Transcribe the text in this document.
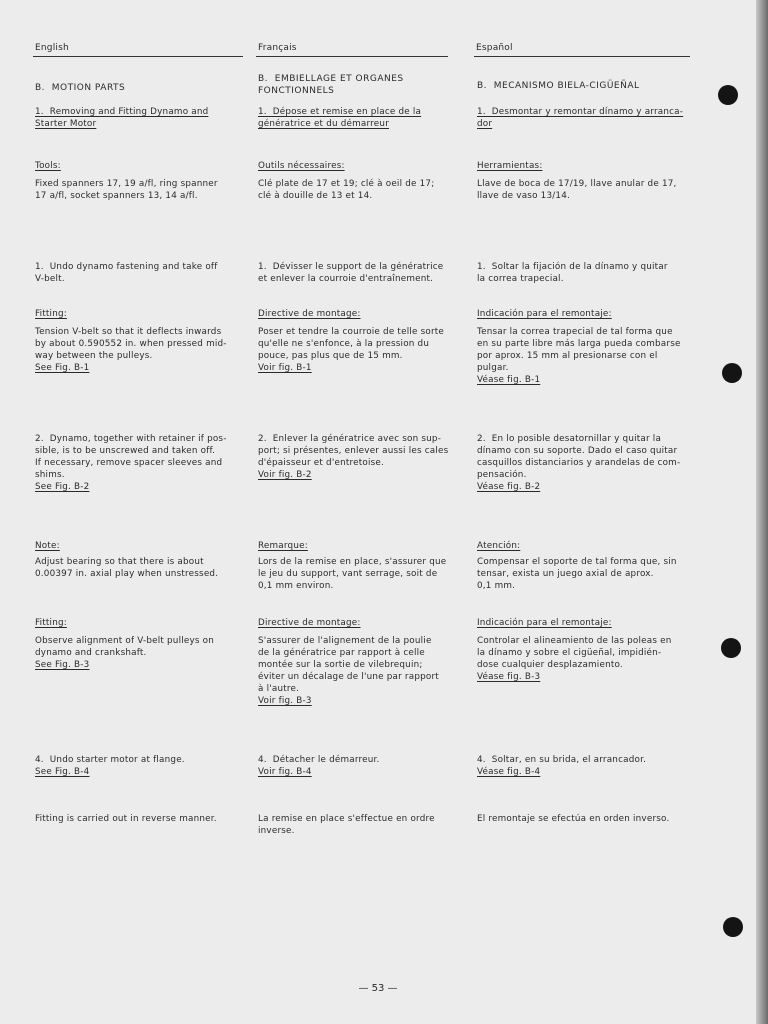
English	Français	Español
B.  MOTION PARTS
1.  Removing and Fitting Dynamo and
Starter Motor
Tools:
Fixed spanners 17, 19 a/fl, ring spanner
17 a/fl, socket spanners 13, 14 a/fl.
1.  Undo dynamo fastening and take off
V-belt.
Fitting:
Tension V-belt so that it deflects inwards
by about 0.590552 in. when pressed mid-
way between the pulleys.
See Fig. B-1
2.  Dynamo, together with retainer if pos-
sible, is to be unscrewed and taken off.
If necessary, remove spacer sleeves and
shims.
See Fig. B-2
Note:
Adjust bearing so that there is about
0.00397 in. axial play when unstressed.
Fitting:
Observe alignment of V-belt pulleys on
dynamo and crankshaft.
See Fig. B-3
4.  Undo starter motor at flange.
See Fig. B-4
Fitting is carried out in reverse manner.
B.  EMBIELLAGE ET ORGANES
FONCTIONNELS
1.  Dépose et remise en place de la
génératrice et du démarreur
Outils nécessaires:
Clé plate de 17 et 19; clé à oeil de 17;
clé à douille de 13 et 14.
1.  Dévisser le support de la génératrice
et enlever la courroie d'entraînement.
Directive de montage:
Poser et tendre la courroie de telle sorte
qu'elle ne s'enfonce, à la pression du
pouce, pas plus que de 15 mm.
Voir fig. B-1
2.  Enlever la génératrice avec son sup-
port; si présentes, enlever aussi les cales
d'épaisseur et d'entretoise.
Voir fig. B-2
Remarque:
Lors de la remise en place, s'assurer que
le jeu du support, vant serrage, soit de
0,1 mm environ.
Directive de montage:
S'assurer de l'alignement de la poulie
de la génératrice par rapport à celle
montée sur la sortie de vilebrequin;
éviter un décalage de l'une par rapport
à l'autre.
Voir fig. B-3
4.  Détacher le démarreur.
Voir fig. B-4
La remise en place s'effectue en ordre
inverse.
B.  MECANISMO BIELA-CIGÜEÑAL
1.  Desmontar y remontar dínamo y arranca-
dor
Herramientas:
Llave de boca de 17/19, llave anular de 17,
llave de vaso 13/14.
1.  Soltar la fijación de la dínamo y quitar
la correa trapecial.
Indicación para el remontaje:
Tensar la correa trapecial de tal forma que
en su parte libre más larga pueda combarse
por aprox. 15 mm al presionarse con el
pulgar.
Véase fig. B-1
2.  En lo posible desatornillar y quitar la
dínamo con su soporte. Dado el caso quitar
casquillos distanciarios y arandelas de com-
pensación.
Véase fig. B-2
Atención:
Compensar el soporte de tal forma que, sin
tensar, exista un juego axial de aprox.
0,1 mm.
Indicación para el remontaje:
Controlar el alineamiento de las poleas en
la dínamo y sobre el cigüeñal, impidién-
dose cualquier desplazamiento.
Véase fig. B-3
4.  Soltar, en su brida, el arrancador.
Véase fig. B-4
El remontaje se efectúa en orden inverso.
— 53 —
